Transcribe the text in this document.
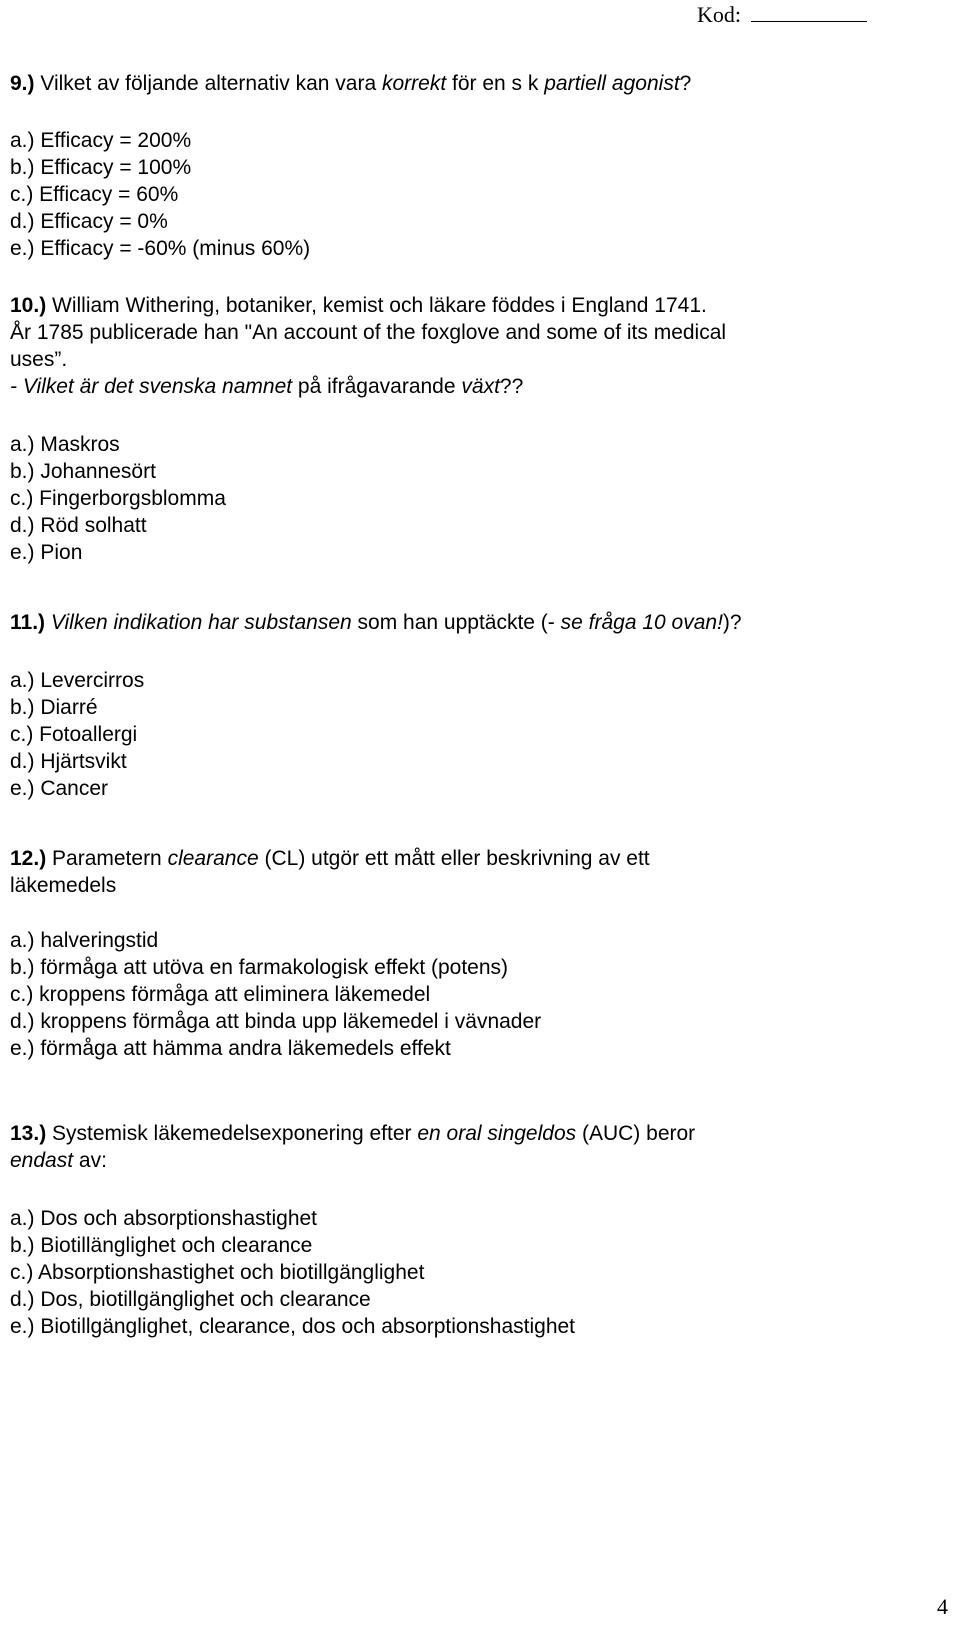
Kod:
9.) Vilket av följande alternativ kan vara korrekt för en s k partiell agonist?
a.) Efficacy = 200%
b.) Efficacy = 100%
c.) Efficacy = 60%
d.) Efficacy = 0%
e.) Efficacy = -60% (minus 60%)
10.) William Withering, botaniker, kemist och läkare föddes i England 1741.
År 1785 publicerade han "An account of the foxglove and some of its medical
uses”.
- Vilket är det svenska namnet på ifrågavarande växt??
a.) Maskros
b.) Johannesört
c.) Fingerborgsblomma
d.) Röd solhatt
e.) Pion
11.) Vilken indikation har substansen som han upptäckte (- se fråga 10 ovan!)?
a.) Levercirros
b.) Diarré
c.) Fotoallergi
d.) Hjärtsvikt
e.) Cancer
12.) Parametern clearance (CL) utgör ett mått eller beskrivning av ett
läkemedels
a.) halveringstid
b.) förmåga att utöva en farmakologisk effekt (potens)
c.) kroppens förmåga att eliminera läkemedel
d.) kroppens förmåga att binda upp läkemedel i vävnader
e.) förmåga att hämma andra läkemedels effekt
13.) Systemisk läkemedelsexponering efter en oral singeldos (AUC) beror
endast av:
a.) Dos och absorptionshastighet
b.) Biotillänglighet och clearance
c.) Absorptionshastighet och biotillgänglighet
d.) Dos, biotillgänglighet och clearance
e.) Biotillgänglighet, clearance, dos och absorptionshastighet
4
